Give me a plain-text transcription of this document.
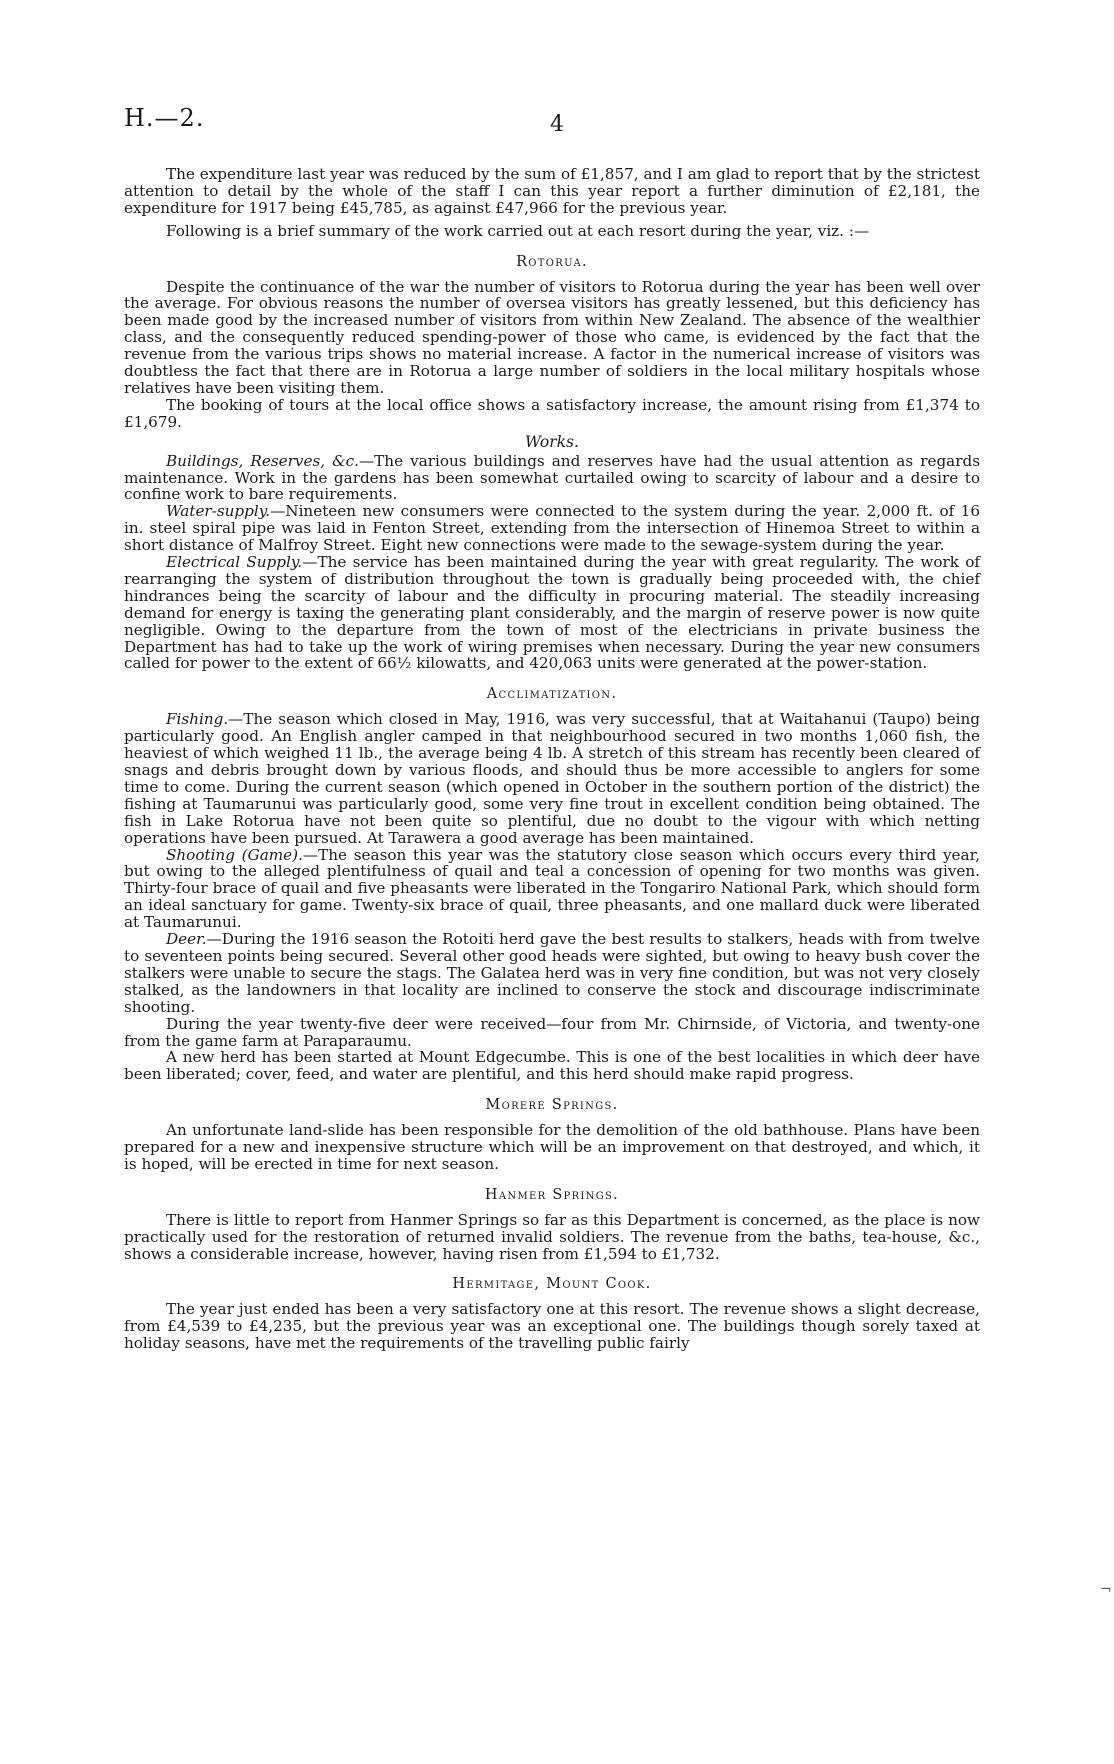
H.—2.	4

The expenditure last year was reduced by the sum of £1,857, and I am glad to report that by the strictest attention to detail by the whole of the staff I can this year report a further diminution of £2,181, the expenditure for 1917 being £45,785, as against £47,966 for the previous year.

Following is a brief summary of the work carried out at each resort during the year, viz. :—

Rotorua.

Despite the continuance of the war the number of visitors to Rotorua during the year has been well over the average. For obvious reasons the number of oversea visitors has greatly lessened, but this deficiency has been made good by the increased number of visitors from within New Zealand. The absence of the wealthier class, and the consequently reduced spending-power of those who came, is evidenced by the fact that the revenue from the various trips shows no material increase. A factor in the numerical increase of visitors was doubtless the fact that there are in Rotorua a large number of soldiers in the local military hospitals whose relatives have been visiting them.

The booking of tours at the local office shows a satisfactory increase, the amount rising from £1,374 to £1,679.

Works.

Buildings, Reserves, &c.—The various buildings and reserves have had the usual attention as regards maintenance. Work in the gardens has been somewhat curtailed owing to scarcity of labour and a desire to confine work to bare requirements.

Water-supply.—Nineteen new consumers were connected to the system during the year. 2,000 ft. of 16 in. steel spiral pipe was laid in Fenton Street, extending from the intersection of Hinemoa Street to within a short distance of Malfroy Street. Eight new connections were made to the sewage-system during the year.

Electrical Supply.—The service has been maintained during the year with great regularity. The work of rearranging the system of distribution throughout the town is gradually being proceeded with, the chief hindrances being the scarcity of labour and the difficulty in procuring material. The steadily increasing demand for energy is taxing the generating plant considerably, and the margin of reserve power is now quite negligible. Owing to the departure from the town of most of the electricians in private business the Department has had to take up the work of wiring premises when necessary. During the year new consumers called for power to the extent of 66½ kilowatts, and 420,063 units were generated at the power-station.

Acclimatization.

Fishing.—The season which closed in May, 1916, was very successful, that at Waitahanui (Taupo) being particularly good. An English angler camped in that neighbourhood secured in two months 1,060 fish, the heaviest of which weighed 11 lb., the average being 4 lb. A stretch of this stream has recently been cleared of snags and debris brought down by various floods, and should thus be more accessible to anglers for some time to come. During the current season (which opened in October in the southern portion of the district) the fishing at Taumarunui was particularly good, some very fine trout in excellent condition being obtained. The fish in Lake Rotorua have not been quite so plentiful, due no doubt to the vigour with which netting operations have been pursued. At Tarawera a good average has been maintained.

Shooting (Game).—The season this year was the statutory close season which occurs every third year, but owing to the alleged plentifulness of quail and teal a concession of opening for two months was given. Thirty-four brace of quail and five pheasants were liberated in the Tongariro National Park, which should form an ideal sanctuary for game. Twenty-six brace of quail, three pheasants, and one mallard duck were liberated at Taumarunui.

Deer.—During the 1916 season the Rotoiti herd gave the best results to stalkers, heads with from twelve to seventeen points being secured. Several other good heads were sighted, but owing to heavy bush cover the stalkers were unable to secure the stags. The Galatea herd was in very fine condition, but was not very closely stalked, as the landowners in that locality are inclined to conserve the stock and discourage indiscriminate shooting.

During the year twenty-five deer were received—four from Mr. Chirnside, of Victoria, and twenty-one from the game farm at Paraparaumu.

A new herd has been started at Mount Edgecumbe. This is one of the best localities in which deer have been liberated; cover, feed, and water are plentiful, and this herd should make rapid progress.

Morere Springs.

An unfortunate land-slide has been responsible for the demolition of the old bathhouse. Plans have been prepared for a new and inexpensive structure which will be an improvement on that destroyed, and which, it is hoped, will be erected in time for next season.

Hanmer Springs.

There is little to report from Hanmer Springs so far as this Department is concerned, as the place is now practically used for the restoration of returned invalid soldiers. The revenue from the baths, tea-house, &c., shows a considerable increase, however, having risen from £1,594 to £1,732.

Hermitage, Mount Cook.

The year just ended has been a very satisfactory one at this resort. The revenue shows a slight decrease, from £4,539 to £4,235, but the previous year was an exceptional one. The buildings though sorely taxed at holiday seasons, have met the requirements of the travelling public fairly

¬
